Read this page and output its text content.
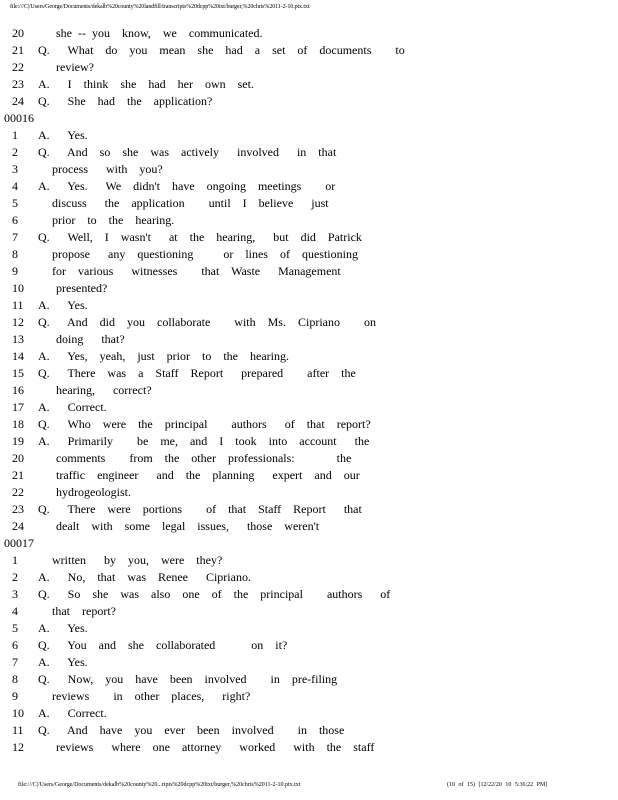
file:///C|/Users/George/Documents/dekalb%20county%20landfill/transcripts%20dcpp%20txt/burger,%20chris%2011-2-10.ptx.txt
20	she -- you  know,  we  communicated.
21	Q.   What  do  you  mean  she  had  a  set  of  documents    to
22	review?
23	A.   I  think  she  had  her  own  set.
24	Q.   She  had  the  application?
00016
1	A.   Yes.
2	Q.   And  so  she  was  actively   involved   in  that
3	process   with  you?
4	A.   Yes.   We  didn't  have  ongoing  meetings    or
5	discuss   the  application    until  I  believe   just
6	prior  to  the  hearing.
7	Q.   Well,  I  wasn't   at  the  hearing,   but  did  Patrick
8	propose   any  questioning     or  lines  of  questioning
9	for  various   witnesses    that  Waste   Management
10	presented?
11	A.   Yes.
12	Q.   And  did  you  collaborate    with  Ms.  Cipriano    on
13	doing   that?
14	A.   Yes,  yeah,  just  prior  to  the  hearing.
15	Q.   There  was  a  Staff  Report   prepared    after  the
16	hearing,   correct?
17	A.   Correct.
18	Q.   Who  were  the  principal    authors   of  that  report?
19	A.   Primarily    be  me,  and  I  took  into  account   the
20	comments    from  the  other  professionals:       the
21	traffic  engineer   and  the  planning   expert  and  our
22	hydrogeologist.
23	Q.   There  were  portions    of  that  Staff  Report   that
24	dealt  with  some  legal  issues,   those  weren't
00017
1	written   by  you,  were  they?
2	A.   No,  that  was  Renee   Cipriano.
3	Q.   So  she  was  also  one  of  the  principal    authors   of
4	that  report?
5	A.   Yes.
6	Q.   You  and  she  collaborated      on  it?
7	A.   Yes.
8	Q.   Now,  you  have  been  involved    in  pre-filing
9	reviews    in  other  places,   right?
10	A.   Correct.
11	Q.   And  have  you  ever  been  involved    in  those
12	reviews   where  one  attorney   worked   with  the  staff
file:///C|/Users/George/Documents/dekalb%20county%20...ripts%20dcpp%20txt/burger,%20chris%2011-2-10.ptx.txt	(10 of 15) [12/22/20 10 5:36:22 PM]
